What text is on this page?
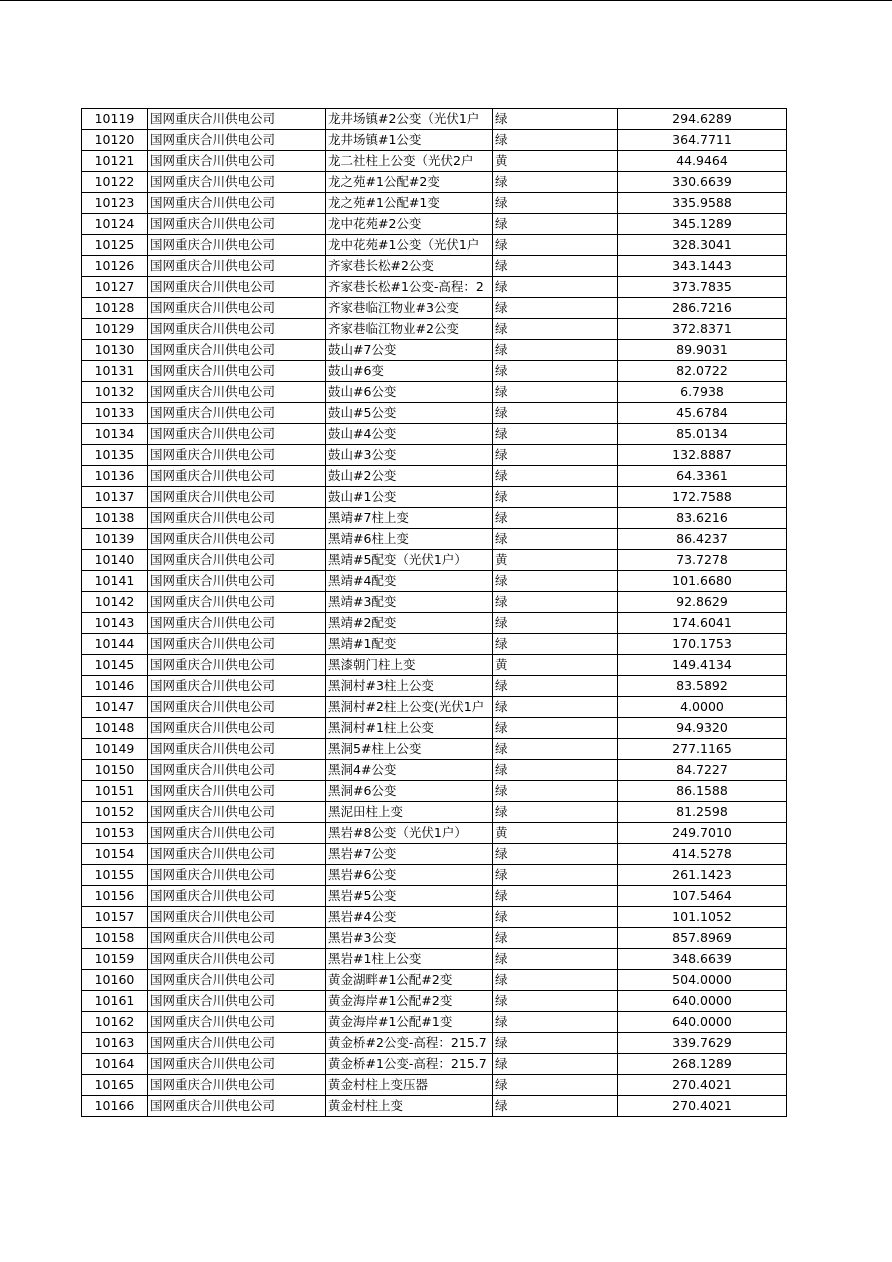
10119	国网重庆合川供电公司	龙井场镇#2公变（光伏1户	绿	294.6289
10120	国网重庆合川供电公司	龙井场镇#1公变	绿	364.7711
10121	国网重庆合川供电公司	龙二社柱上公变（光伏2户	黄	44.9464
10122	国网重庆合川供电公司	龙之苑#1公配#2变	绿	330.6639
10123	国网重庆合川供电公司	龙之苑#1公配#1变	绿	335.9588
10124	国网重庆合川供电公司	龙中花苑#2公变	绿	345.1289
10125	国网重庆合川供电公司	龙中花苑#1公变（光伏1户	绿	328.3041
10126	国网重庆合川供电公司	齐家巷长松#2公变	绿	343.1443
10127	国网重庆合川供电公司	齐家巷长松#1公变-高程：2	绿	373.7835
10128	国网重庆合川供电公司	齐家巷临江物业#3公变	绿	286.7216
10129	国网重庆合川供电公司	齐家巷临江物业#2公变	绿	372.8371
10130	国网重庆合川供电公司	鼓山#7公变	绿	89.9031
10131	国网重庆合川供电公司	鼓山#6变	绿	82.0722
10132	国网重庆合川供电公司	鼓山#6公变	绿	6.7938
10133	国网重庆合川供电公司	鼓山#5公变	绿	45.6784
10134	国网重庆合川供电公司	鼓山#4公变	绿	85.0134
10135	国网重庆合川供电公司	鼓山#3公变	绿	132.8887
10136	国网重庆合川供电公司	鼓山#2公变	绿	64.3361
10137	国网重庆合川供电公司	鼓山#1公变	绿	172.7588
10138	国网重庆合川供电公司	黑靖#7柱上变	绿	83.6216
10139	国网重庆合川供电公司	黑靖#6柱上变	绿	86.4237
10140	国网重庆合川供电公司	黑靖#5配变（光伏1户）	黄	73.7278
10141	国网重庆合川供电公司	黑靖#4配变	绿	101.6680
10142	国网重庆合川供电公司	黑靖#3配变	绿	92.8629
10143	国网重庆合川供电公司	黑靖#2配变	绿	174.6041
10144	国网重庆合川供电公司	黑靖#1配变	绿	170.1753
10145	国网重庆合川供电公司	黑漆朝门柱上变	黄	149.4134
10146	国网重庆合川供电公司	黑洞村#3柱上公变	绿	83.5892
10147	国网重庆合川供电公司	黑洞村#2柱上公变(光伏1户	绿	4.0000
10148	国网重庆合川供电公司	黑洞村#1柱上公变	绿	94.9320
10149	国网重庆合川供电公司	黑洞5#柱上公变	绿	277.1165
10150	国网重庆合川供电公司	黑洞4#公变	绿	84.7227
10151	国网重庆合川供电公司	黑洞#6公变	绿	86.1588
10152	国网重庆合川供电公司	黑泥田柱上变	绿	81.2598
10153	国网重庆合川供电公司	黑岩#8公变（光伏1户）	黄	249.7010
10154	国网重庆合川供电公司	黑岩#7公变	绿	414.5278
10155	国网重庆合川供电公司	黑岩#6公变	绿	261.1423
10156	国网重庆合川供电公司	黑岩#5公变	绿	107.5464
10157	国网重庆合川供电公司	黑岩#4公变	绿	101.1052
10158	国网重庆合川供电公司	黑岩#3公变	绿	857.8969
10159	国网重庆合川供电公司	黑岩#1柱上公变	绿	348.6639
10160	国网重庆合川供电公司	黄金湖畔#1公配#2变	绿	504.0000
10161	国网重庆合川供电公司	黄金海岸#1公配#2变	绿	640.0000
10162	国网重庆合川供电公司	黄金海岸#1公配#1变	绿	640.0000
10163	国网重庆合川供电公司	黄金桥#2公变-高程：215.7	绿	339.7629
10164	国网重庆合川供电公司	黄金桥#1公变-高程：215.7	绿	268.1289
10165	国网重庆合川供电公司	黄金村柱上变压器	绿	270.4021
10166	国网重庆合川供电公司	黄金村柱上变	绿	270.4021
